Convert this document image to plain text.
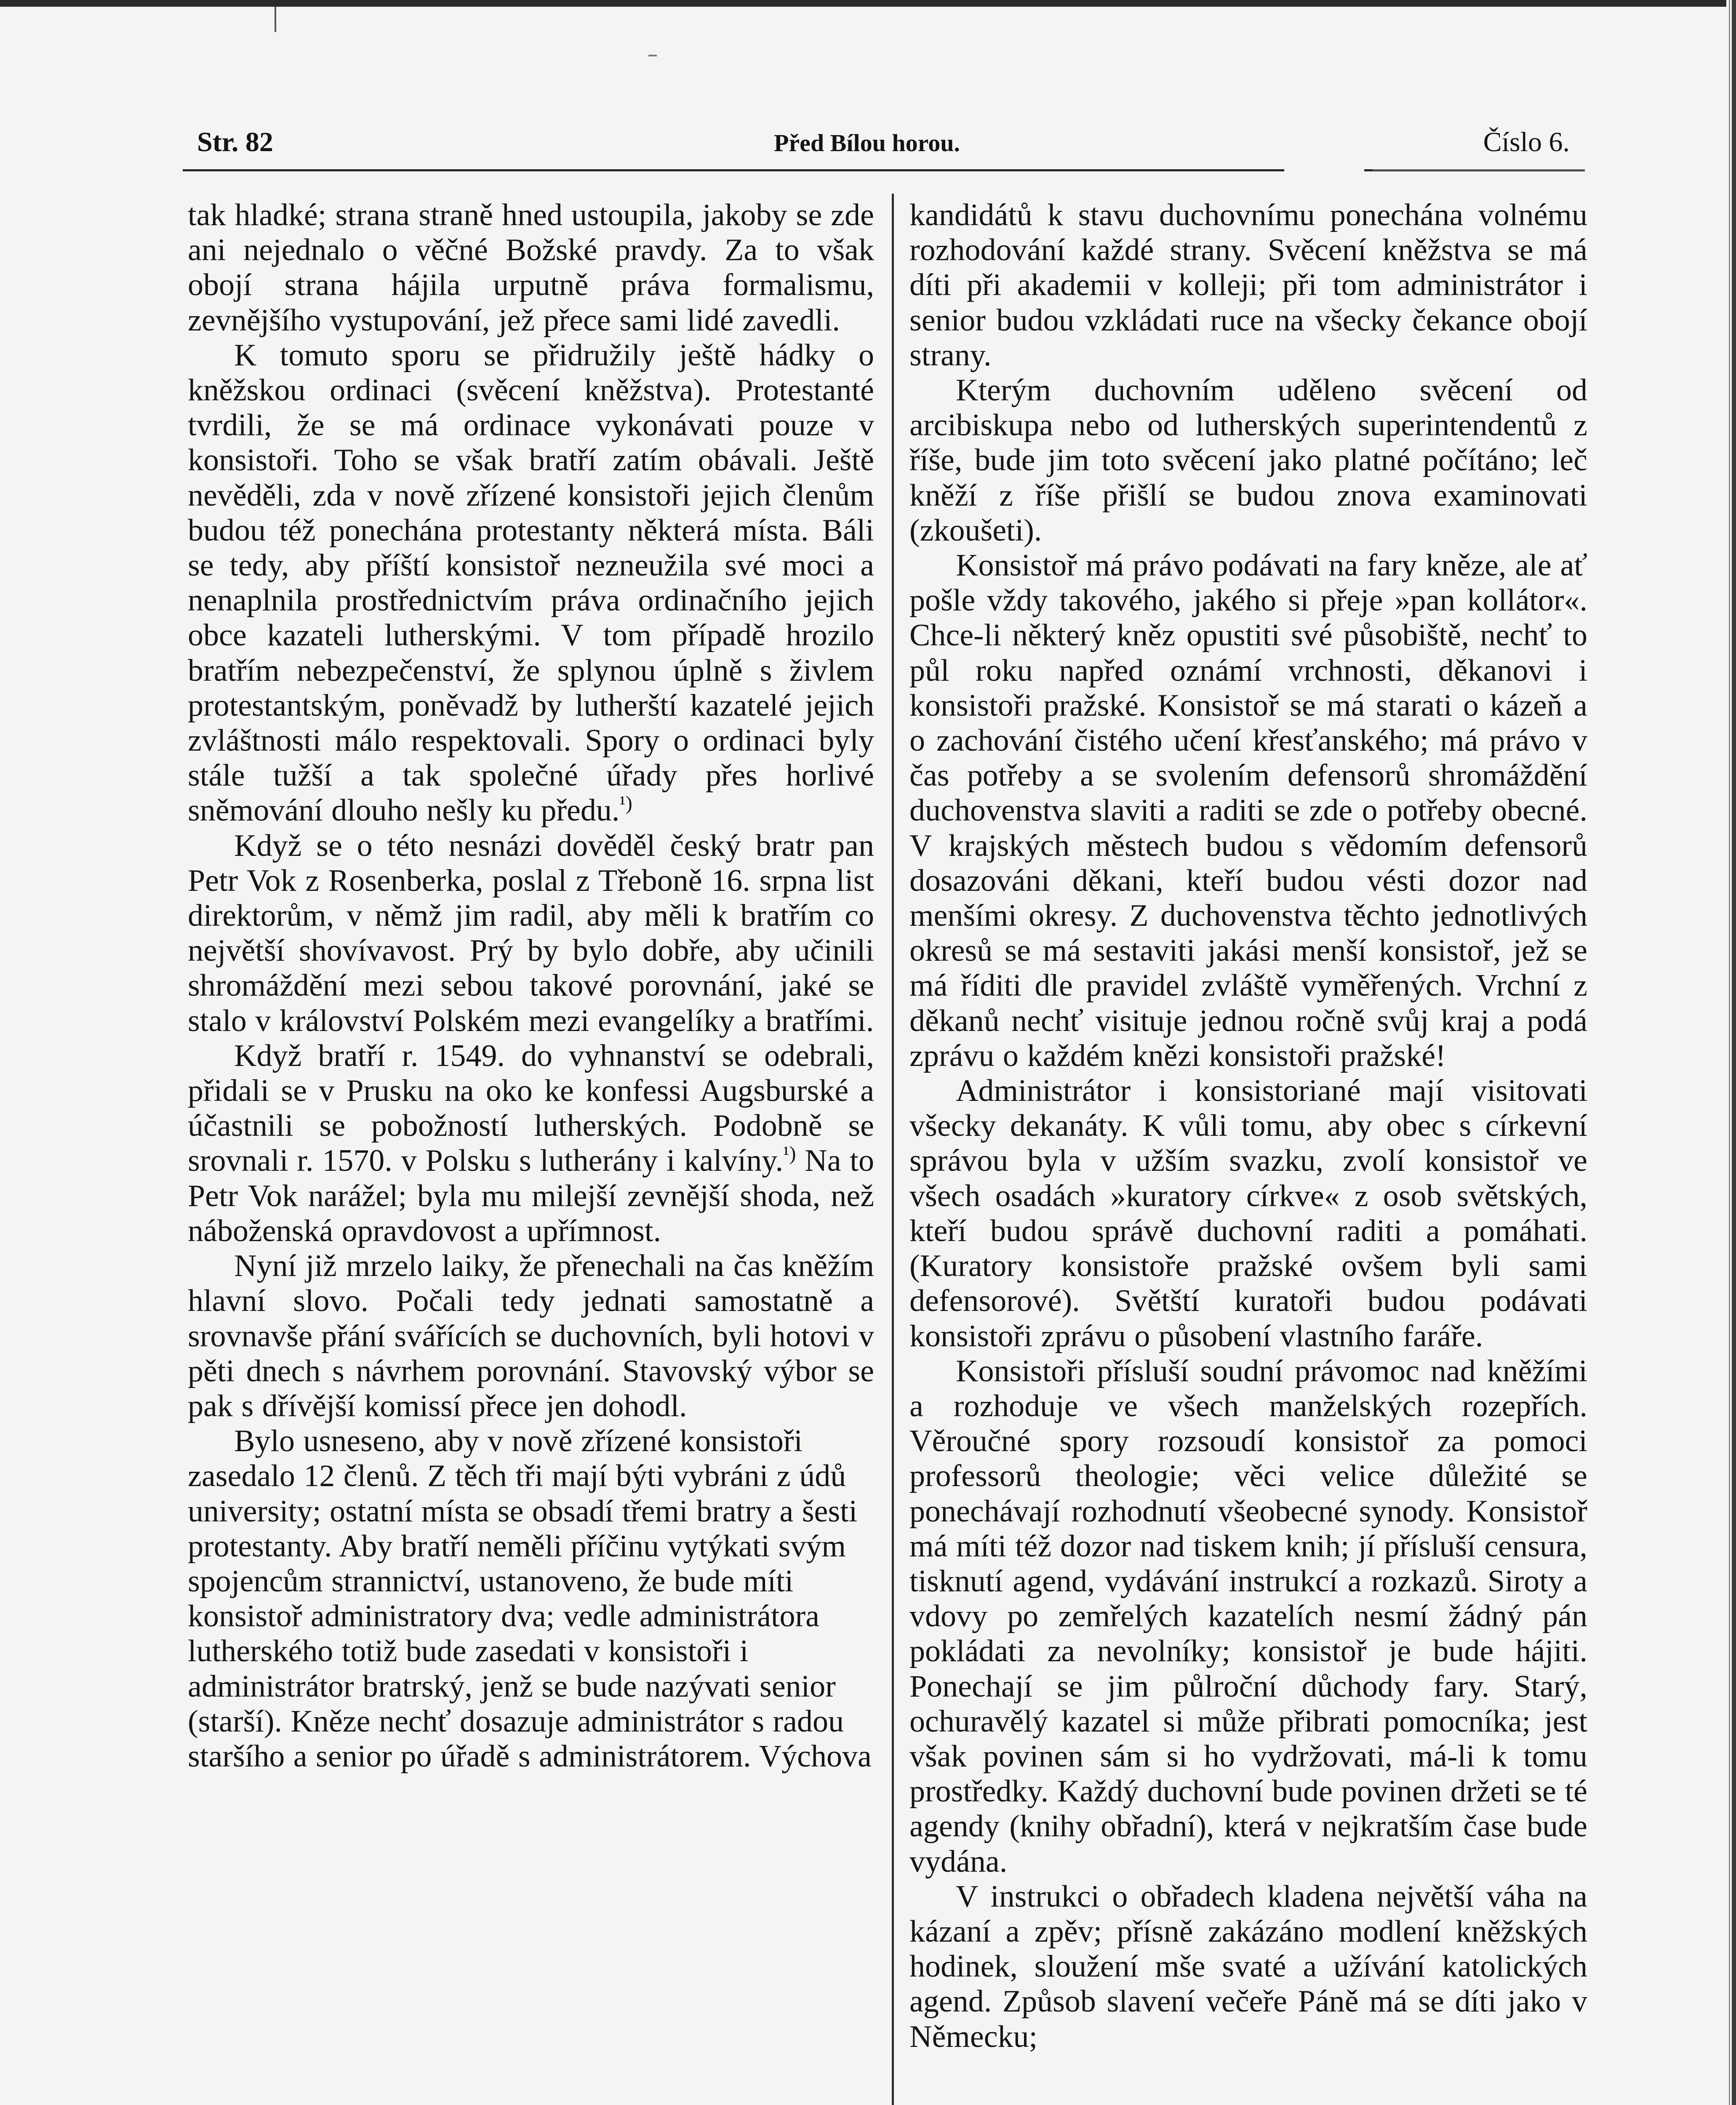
Str. 82	Před Bílou horou.	Číslo 6.

tak hladké; strana straně hned ustoupila, jakoby se zde ani nejednalo o věčné Božské pravdy. Za to však obojí strana hájila urputně práva formalismu, zevnějšího vystupování, jež přece sami lidé zavedli.

K tomuto sporu se přidružily ještě hádky o kněžskou ordinaci (svěcení kněžstva). Protestanté tvrdili, že se má ordinace vykonávati pouze v konsistoři. Toho se však bratří zatím obávali. Ještě nevěděli, zda v nově zřízené konsistoři jejich členům budou též ponechána protestanty některá místa. Báli se tedy, aby příští konsistoř nezneužila své moci a nenaplnila prostřednictvím práva ordinačního jejich obce kazateli lutherskými. V tom případě hrozilo bratřím nebezpečenství, že splynou úplně s živlem protestantským, poněvadž by lutherští kazatelé jejich zvláštnosti málo respektovali. Spory o ordinaci byly stále tužší a tak společné úřady přes horlivé sněmování dlouho nešly ku předu.$^{^1)}$

Když se o této nesnázi dověděl český bratr pan Petr Vok z Rosenberka, poslal z Třeboně 16. srpna list direktorům, v němž jim radil, aby měli k bratřím co největší shovívavost. Prý by bylo dobře, aby učinili shromáždění mezi sebou takové porovnání, jaké se stalo v království Polském mezi evangelíky a bratřími.

Když bratří r. 1549. do vyhnanství se odebrali, přidali se v Prusku na oko ke konfessi Augsburské a účastnili se pobožností lutherských. Podobně se srovnali r. 1570. v Polsku s lutherány i kalvíny.$^{^1)}$ Na to Petr Vok narážel; byla mu milejší zevnější shoda, než náboženská opravdovost a upřímnost.

Nyní již mrzelo laiky, že přenechali na čas kněžím hlavní slovo. Počali tedy jednati samostatně a srovnavše přání svářících se duchovních, byli hotovi v pěti dnech s návrhem porovnání. Stavovský výbor se pak s dřívější komissí přece jen dohodl.

Bylo usneseno, aby v nově zřízené konsistoři zasedalo 12 členů. Z těch tři mají býti vybráni z údů university; ostatní místa se obsadí třemi bratry a šesti protestanty. Aby bratří neměli příčinu vytýkati svým spojencům strannictví, ustanoveno, že bude míti konsistoř administratory dva; vedle administrátora lutherského totiž bude zasedati v konsistoři i administrátor bratrský, jenž se bude nazývati senior (starší). Kněze nechť dosazuje administrátor s radou staršího a senior po úřadě s administrátorem. Výchova

kandidátů k stavu duchovnímu ponechána volnému rozhodování každé strany. Svěcení kněžstva se má díti při akademii v kolleji; při tom administrátor i senior budou vzkládati ruce na všecky čekance obojí strany.

Kterým duchovním uděleno svěcení od arcibiskupa nebo od lutherských superintendentů z říše, bude jim toto svěcení jako platné počítáno; leč kněží z říše přišlí se budou znova examinovati (zkoušeti).

Konsistoř má právo podávati na fary kněze, ale ať pošle vždy takového, jakého si přeje »pan kollátor«. Chce-li některý kněz opustiti své působiště, nechť to půl roku napřed oznámí vrchnosti, děkanovi i konsistoři pražské. Konsistoř se má starati o kázeň a o zachování čistého učení křesťanského; má právo v čas potřeby a se svolením defensorů shromáždění duchovenstva slaviti a raditi se zde o potřeby obecné. V krajských městech budou s vědomím defensorů dosazováni děkani, kteří budou vésti dozor nad menšími okresy. Z duchovenstva těchto jednotlivých okresů se má sestaviti jakási menší konsistoř, jež se má říditi dle pravidel zvláště vyměřených. Vrchní z děkanů nechť visituje jednou ročně svůj kraj a podá zprávu o každém knězi konsistoři pražské!

Administrátor i konsistoriané mají visitovati všecky dekanáty. K vůli tomu, aby obec s církevní správou byla v užším svazku, zvolí konsistoř ve všech osadách »kuratory církve« z osob světských, kteří budou správě duchovní raditi a pomáhati. (Kuratory konsistoře pražské ovšem byli sami defensorové). Světští kuratoři budou podávati konsistoři zprávu o působení vlastního faráře.

Konsistoři přísluší soudní právomoc nad kněžími a rozhoduje ve všech manželských rozepřích. Věroučné spory rozsoudí konsistoř za pomoci professorů theologie; věci velice důležité se ponechávají rozhodnutí všeobecné synody. Konsistoř má míti též dozor nad tiskem knih; jí přísluší censura, tisknutí agend, vydávání instrukcí a rozkazů. Siroty a vdovy po zemřelých kazatelích nesmí žádný pán pokládati za nevolníky; konsistoř je bude hájiti. Ponechají se jim půlroční důchody fary. Starý, ochuravělý kazatel si může přibrati pomocníka; jest však povinen sám si ho vydržovati, má-li k tomu prostředky. Každý duchovní bude povinen držeti se té agendy (knihy obřadní), která v nejkratším čase bude vydána.

V instrukci o obřadech kladena největší váha na kázaní a zpěv; přísně zakázáno modlení kněžských hodinek, sloužení mše svaté a užívání katolických agend. Způsob slavení večeře Páně má se díti jako v Německu;
